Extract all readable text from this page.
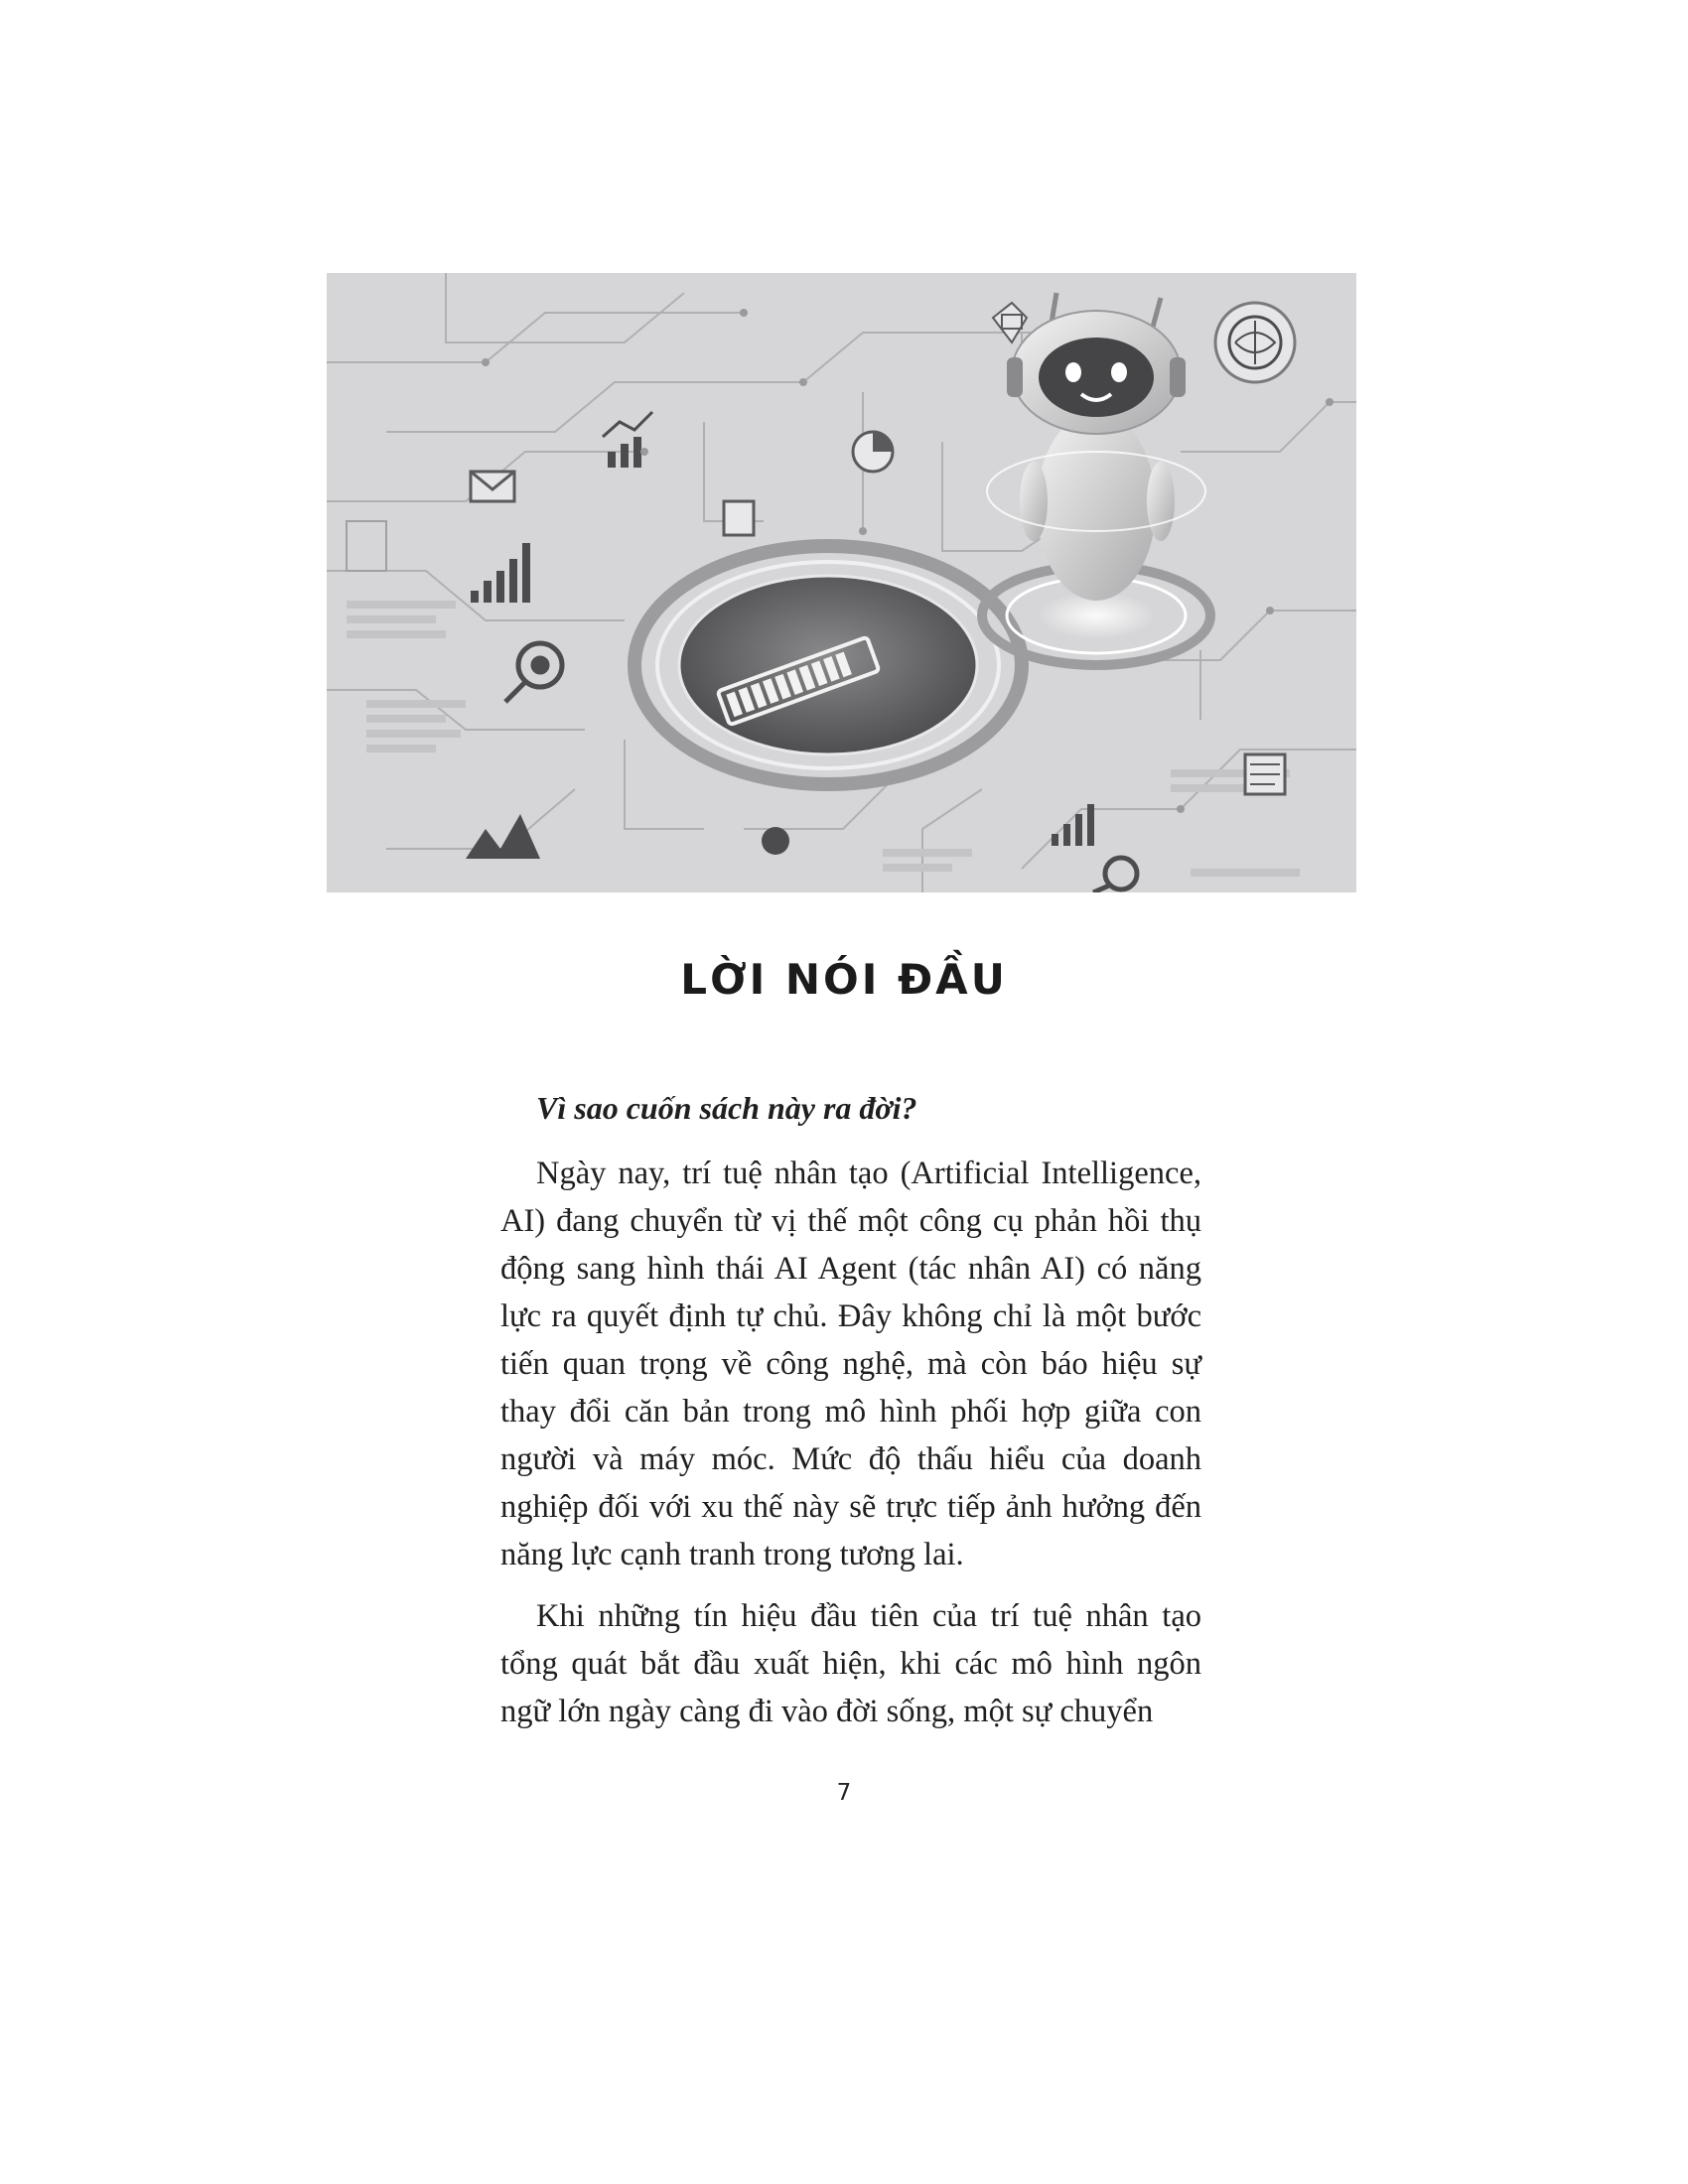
LỜI NÓI ĐẦU

Vì sao cuốn sách này ra đời?

Ngày nay, trí tuệ nhân tạo (Artificial Intelligence, AI) đang chuyển từ vị thế một công cụ phản hồi thụ động sang hình thái AI Agent (tác nhân AI) có năng lực ra quyết định tự chủ. Đây không chỉ là một bước tiến quan trọng về công nghệ, mà còn báo hiệu sự thay đổi căn bản trong mô hình phối hợp giữa con người và máy móc. Mức độ thấu hiểu của doanh nghiệp đối với xu thế này sẽ trực tiếp ảnh hưởng đến năng lực cạnh tranh trong tương lai.

Khi những tín hiệu đầu tiên của trí tuệ nhân tạo tổng quát bắt đầu xuất hiện, khi các mô hình ngôn ngữ lớn ngày càng đi vào đời sống, một sự chuyển

7
